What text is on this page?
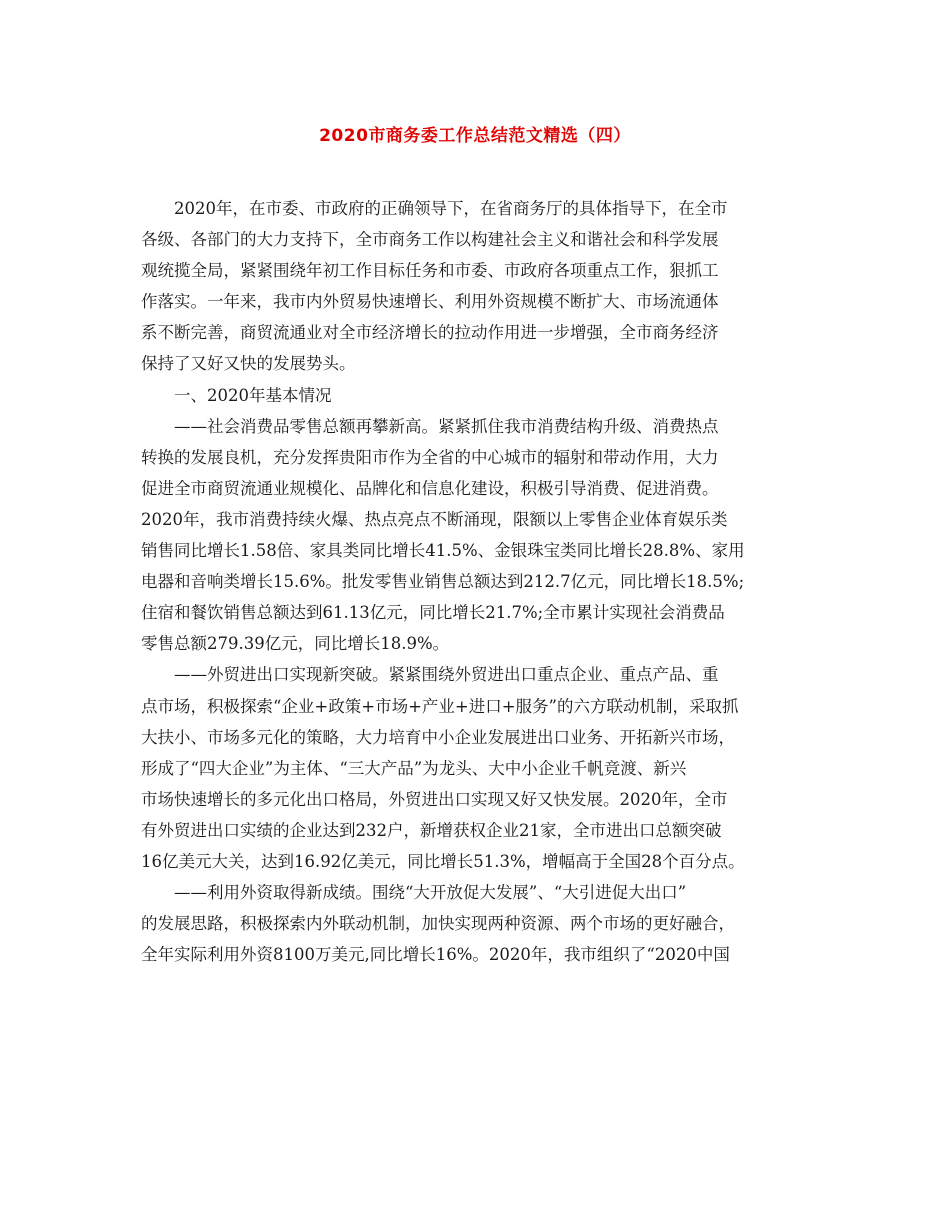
2020市商务委工作总结范文精选（四）
2020年，在市委、市政府的正确领导下，在省商务厅的具体指导下，在全市
各级、各部门的大力支持下，全市商务工作以构建社会主义和谐社会和科学发展
观统揽全局，紧紧围绕年初工作目标任务和市委、市政府各项重点工作，狠抓工
作落实。一年来，我市内外贸易快速增长、利用外资规模不断扩大、市场流通体
系不断完善，商贸流通业对全市经济增长的拉动作用进一步增强，全市商务经济
保持了又好又快的发展势头。
一、2020年基本情况
——社会消费品零售总额再攀新高。紧紧抓住我市消费结构升级、消费热点
转换的发展良机，充分发挥贵阳市作为全省的中心城市的辐射和带动作用，大力
促进全市商贸流通业规模化、品牌化和信息化建设，积极引导消费、促进消费。
2020年，我市消费持续火爆、热点亮点不断涌现，限额以上零售企业体育娱乐类
销售同比增长1.58倍、家具类同比增长41.5%、金银珠宝类同比增长28.8%、家用
电器和音响类增长15.6%。批发零售业销售总额达到212.7亿元，同比增长18.5%;
住宿和餐饮销售总额达到61.13亿元，同比增长21.7%;全市累计实现社会消费品
零售总额279.39亿元，同比增长18.9%。
——外贸进出口实现新突破。紧紧围绕外贸进出口重点企业、重点产品、重
点市场，积极探索“企业+政策+市场+产业+进口+服务”的六方联动机制，采取抓
大扶小、市场多元化的策略，大力培育中小企业发展进出口业务、开拓新兴市场，
形成了“四大企业”为主体、“三大产品”为龙头、大中小企业千帆竞渡、新兴
市场快速增长的多元化出口格局，外贸进出口实现又好又快发展。2020年，全市
有外贸进出口实绩的企业达到232户，新增获权企业21家，全市进出口总额突破
16亿美元大关，达到16.92亿美元，同比增长51.3%，增幅高于全国28个百分点。
——利用外资取得新成绩。围绕“大开放促大发展”、“大引进促大出口”
的发展思路，积极探索内外联动机制，加快实现两种资源、两个市场的更好融合，
全年实际利用外资8100万美元,同比增长16%。2020年，我市组织了“2020中国
